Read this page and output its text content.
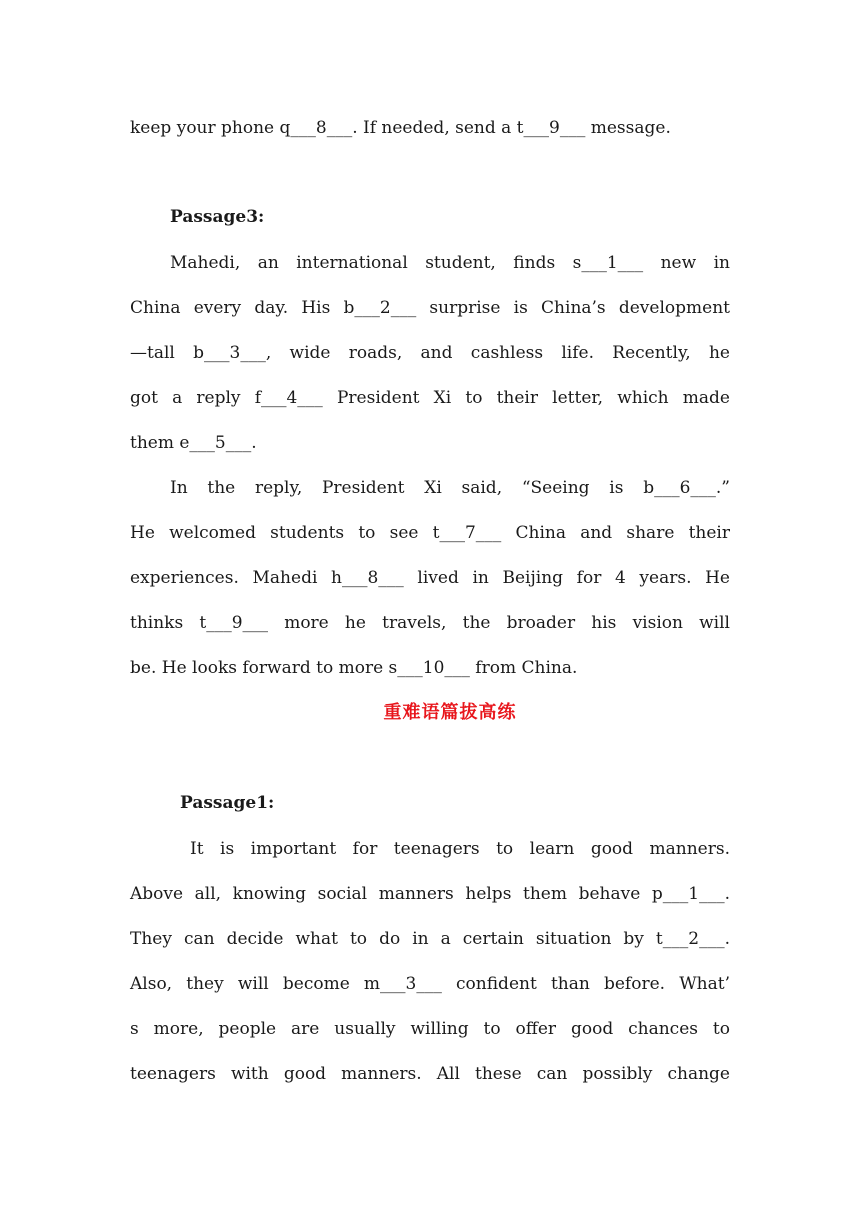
keep your phone q___8___. If needed, send a t___9___ message.
Passage3:
Mahedi, an international student, finds s___1___ new in
China every day. His b___2___ surprise is China’s development
—tall b___3___, wide roads, and cashless life. Recently, he
got a reply f___4___ President Xi to their letter, which made
them e___5___.
In the reply, President Xi said, “Seeing is b___6___.”
He welcomed students to see t___7___ China and share their
experiences. Mahedi h___8___ lived in Beijing for 4 years. He
thinks t___9___ more he travels, the broader his vision will
be. He looks forward to more s___10___ from China.
重难语篇拔高练
Passage1:
It is important for teenagers to learn good manners.
Above all, knowing social manners helps them behave p___1___.
They can decide what to do in a certain situation by t___2___.
Also, they will become m___3___ confident than before. What’
s more, people are usually willing to offer good chances to
teenagers with good manners. All these can possibly change
